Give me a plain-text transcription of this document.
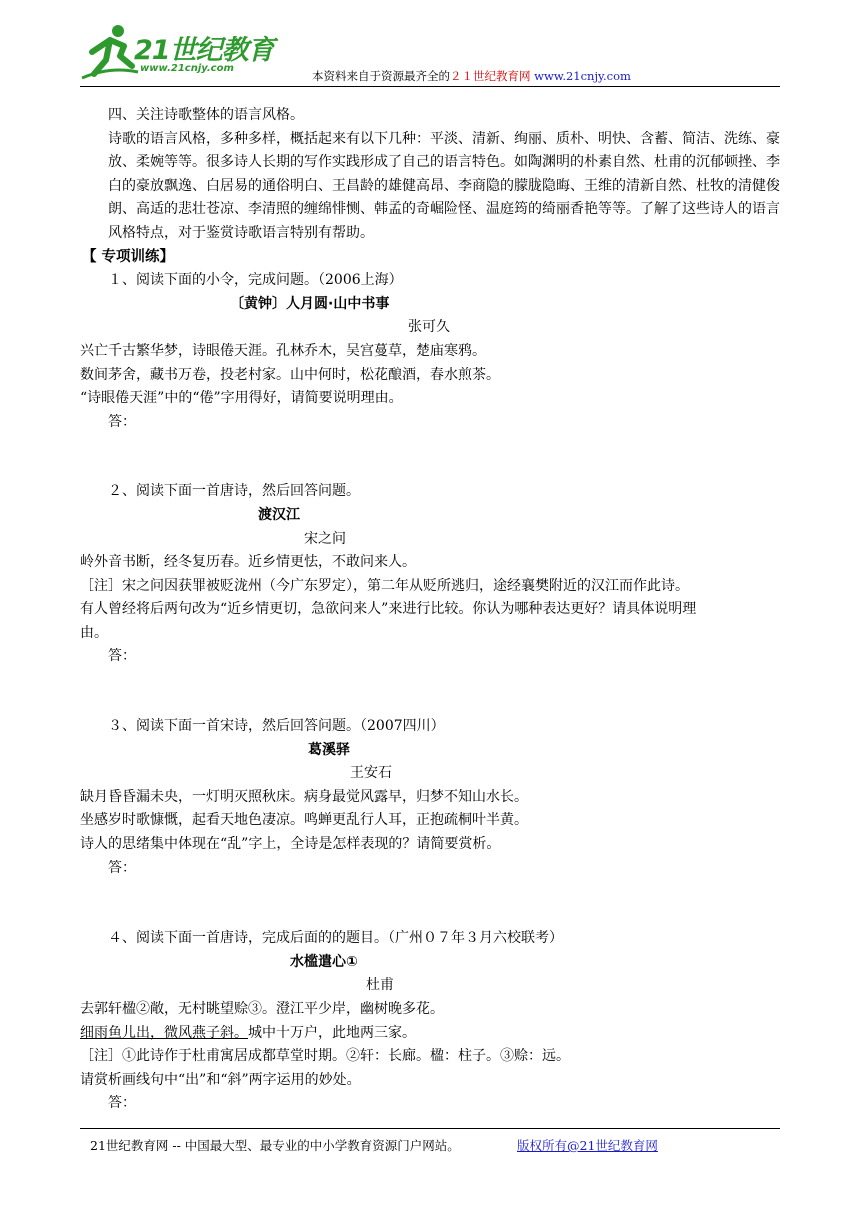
21世纪教育
www.21cnjy.com
本资料来自于资源最齐全的２１世纪教育网 www.21cnjy.com

四、关注诗歌整体的语言风格。

诗歌的语言风格，多种多样，概括起来有以下几种：平淡、清新、绚丽、质朴、明快、含蓄、简洁、洗练、豪放、柔婉等等。很多诗人长期的写作实践形成了自己的语言特色。如陶渊明的朴素自然、杜甫的沉郁顿挫、李白的豪放飘逸、白居易的通俗明白、王昌龄的雄健高昂、李商隐的朦胧隐晦、王维的清新自然、杜牧的清健俊朗、高适的悲壮苍凉、李清照的缠绵悱恻、韩孟的奇崛险怪、温庭筠的绮丽香艳等等。了解了这些诗人的语言风格特点，对于鉴赏诗歌语言特别有帮助。

【 专项训练】

１、阅读下面的小令，完成问题。（2006上海）

〔黄钟〕人月圆·山中书事

张可久

兴亡千古繁华梦，诗眼倦天涯。孔林乔木，吴宫蔓草，楚庙寒鸦。

数间茅舍，藏书万卷，投老村家。山中何时，松花酿酒，春水煎茶。

“诗眼倦天涯”中的“倦”字用得好，请简要说明理由。

答：

２、阅读下面一首唐诗，然后回答问题。

渡汉江

宋之问

岭外音书断，经冬复历春。近乡情更怯，不敢问来人。

［注］宋之问因获罪被贬泷州（今广东罗定），第二年从贬所逃归，途经襄樊附近的汉江而作此诗。

有人曾经将后两句改为“近乡情更切，急欲问来人”来进行比较。你认为哪种表达更好？请具体说明理

由。

答：

３、阅读下面一首宋诗，然后回答问题。（2007四川）

葛溪驿

王安石

缺月昏昏漏未央，一灯明灭照秋床。病身最觉风露早，归梦不知山水长。

坐感岁时歌慷慨，起看天地色凄凉。鸣蝉更乱行人耳，正抱疏桐叶半黄。

诗人的思绪集中体现在“乱”字上，全诗是怎样表现的？请简要赏析。

答：

４、阅读下面一首唐诗，完成后面的的题目。（广州０７年３月六校联考）

水槛遣心①

杜甫

去郭轩楹②敞，无村眺望赊③。澄江平少岸，幽树晚多花。

细雨鱼儿出，微风燕子斜。城中十万户，此地两三家。

［注］①此诗作于杜甫寓居成都草堂时期。②轩：长廊。楹：柱子。③赊：远。

请赏析画线句中“出”和“斜”两字运用的妙处。

答：

21世纪教育网 -- 中国最大型、最专业的中小学教育资源门户网站。	版权所有@21世纪教育网
